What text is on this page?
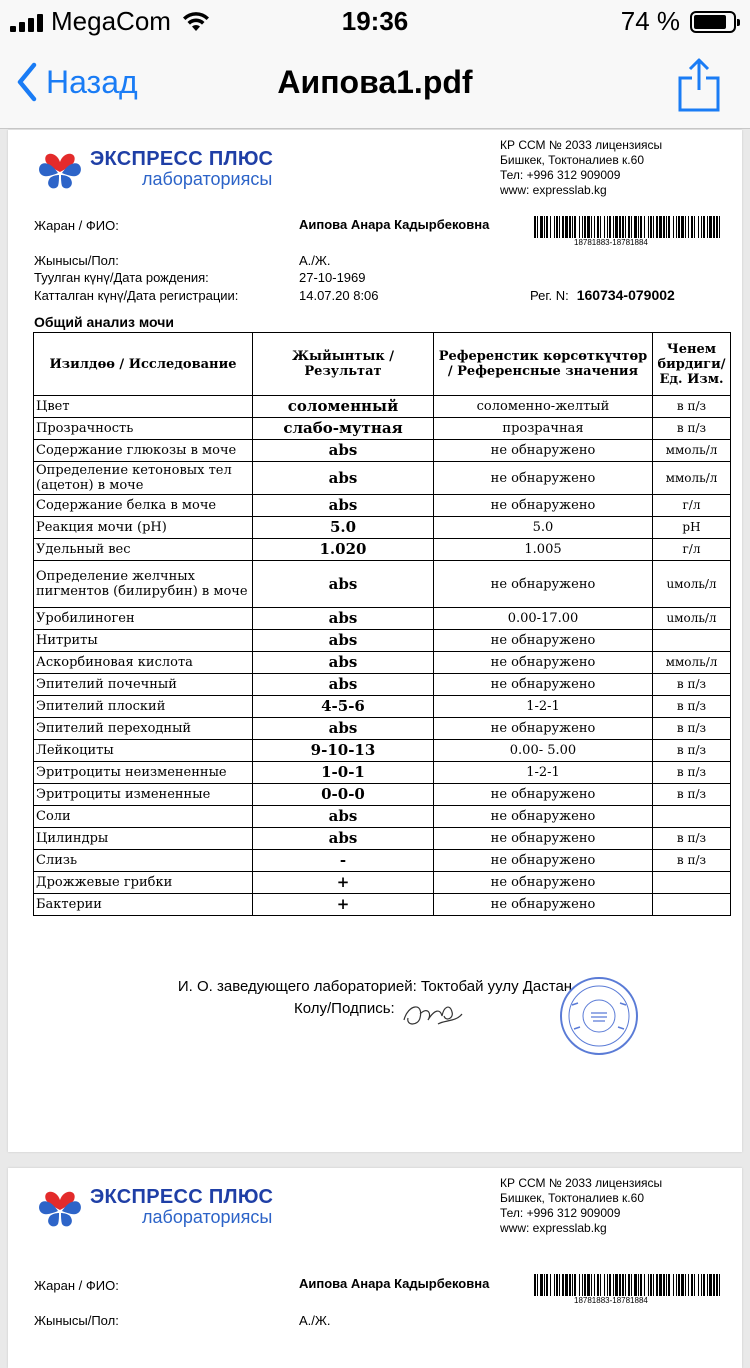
MegaCom	19:36	74 %
Назад	Аипова1.pdf
ЭКСПРЕСС ПЛЮС
лабораториясы
КР ССМ № 2033 лицензиясы
Бишкек, Токтоналиев к.60
Тел: +996 312 909009
www: expresslab.kg
Жаран / ФИО:	Аипова Анара Кадырбековна
18781883-18781884
Жынысы/Пол:	А./Ж.
Туулган күнү/Дата рождения:	27-10-1969
Катталган күнү/Дата регистрации:	14.07.20 8:06	Рег. N: 160734-079002
Общий анализ мочи
Изилдөө / Исследование	Жыйынтык / Результат	Референстик көрсөткүчтөр / Референсные значения	Ченем бирдиги/ Ед. Изм.
Цвет	соломенный	соломенно-желтый	в п/з
Прозрачность	слабо-мутная	прозрачная	в п/з
Содержание глюкозы в моче	abs	не обнаружено	ммоль/л
Определение кетоновых тел (ацетон) в моче	abs	не обнаружено	ммоль/л
Содержание белка в моче	abs	не обнаружено	г/л
Реакция мочи (pH)	5.0	5.0	pH
Удельный вес	1.020	1.005	г/л
Определение желчных пигментов (билирубин) в моче	abs	не обнаружено	uмоль/л
Уробилиноген	abs	0.00-17.00	uмоль/л
Нитриты	abs	не обнаружено	
Аскорбиновая кислота	abs	не обнаружено	ммоль/л
Эпителий почечный	abs	не обнаружено	в п/з
Эпителий плоский	4-5-6	1-2-1	в п/з
Эпителий переходный	abs	не обнаружено	в п/з
Лейкоциты	9-10-13	0.00- 5.00	в п/з
Эритроциты неизмененные	1-0-1	1-2-1	в п/з
Эритроциты измененные	0-0-0	не обнаружено	в п/з
Соли	abs	не обнаружено	
Цилиндры	abs	не обнаружено	в п/з
Слизь	-	не обнаружено	в п/з
Дрожжевые грибки	+	не обнаружено	
Бактерии	+	не обнаружено	
И. О. заведующего лабораторией: Toктобай уулу Дастан
Колу/Подпись:
ЭКСПРЕСС ПЛЮС
лабораториясы
КР ССМ № 2033 лицензиясы
Бишкек, Токтоналиев к.60
Тел: +996 312 909009
www: expresslab.kg
Жаран / ФИО:	Аипова Анара Кадырбековна
18781883-18781884
Жынысы/Пол:	А./Ж.
